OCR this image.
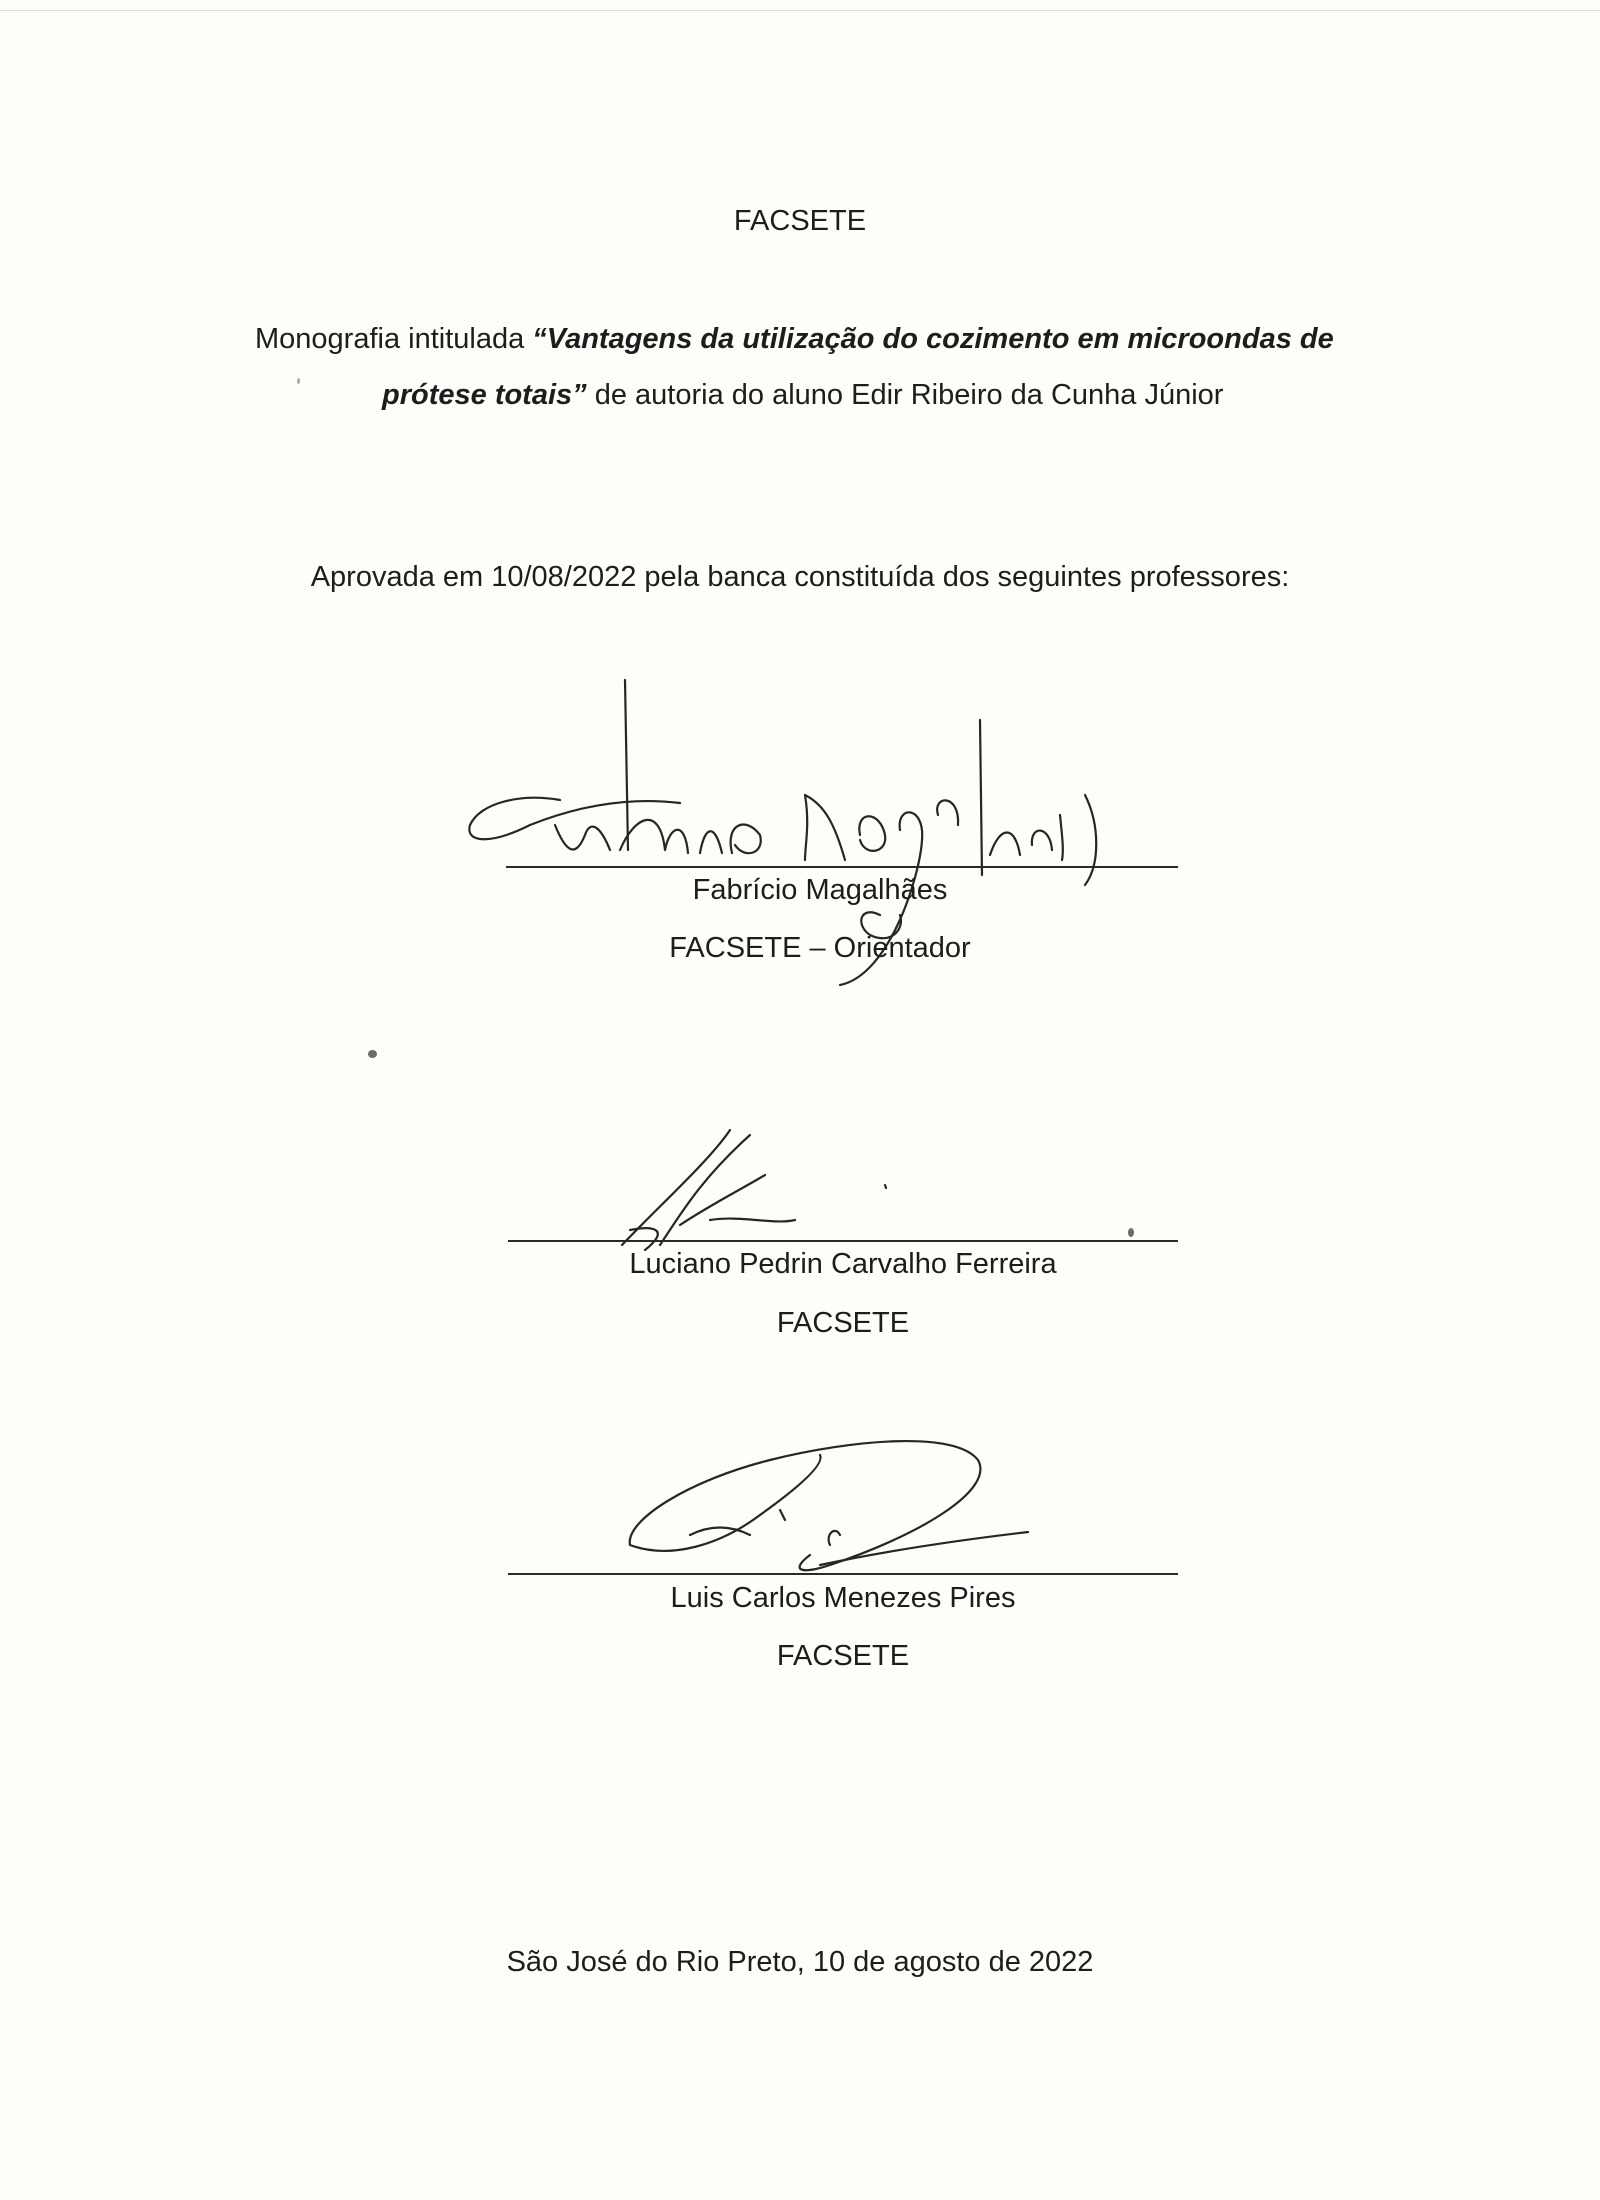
FACSETE
Monografia intitulada “Vantagens da utilização do cozimento em microondas de
prótese totais” de autoria do aluno Edir Ribeiro da Cunha Júnior
Aprovada em 10/08/2022 pela banca constituída dos seguintes professores:
Fabrício Magalhães
FACSETE – Orientador
Luciano Pedrin Carvalho Ferreira
FACSETE
Luis Carlos Menezes Pires
FACSETE
São José do Rio Preto, 10 de agosto de 2022
